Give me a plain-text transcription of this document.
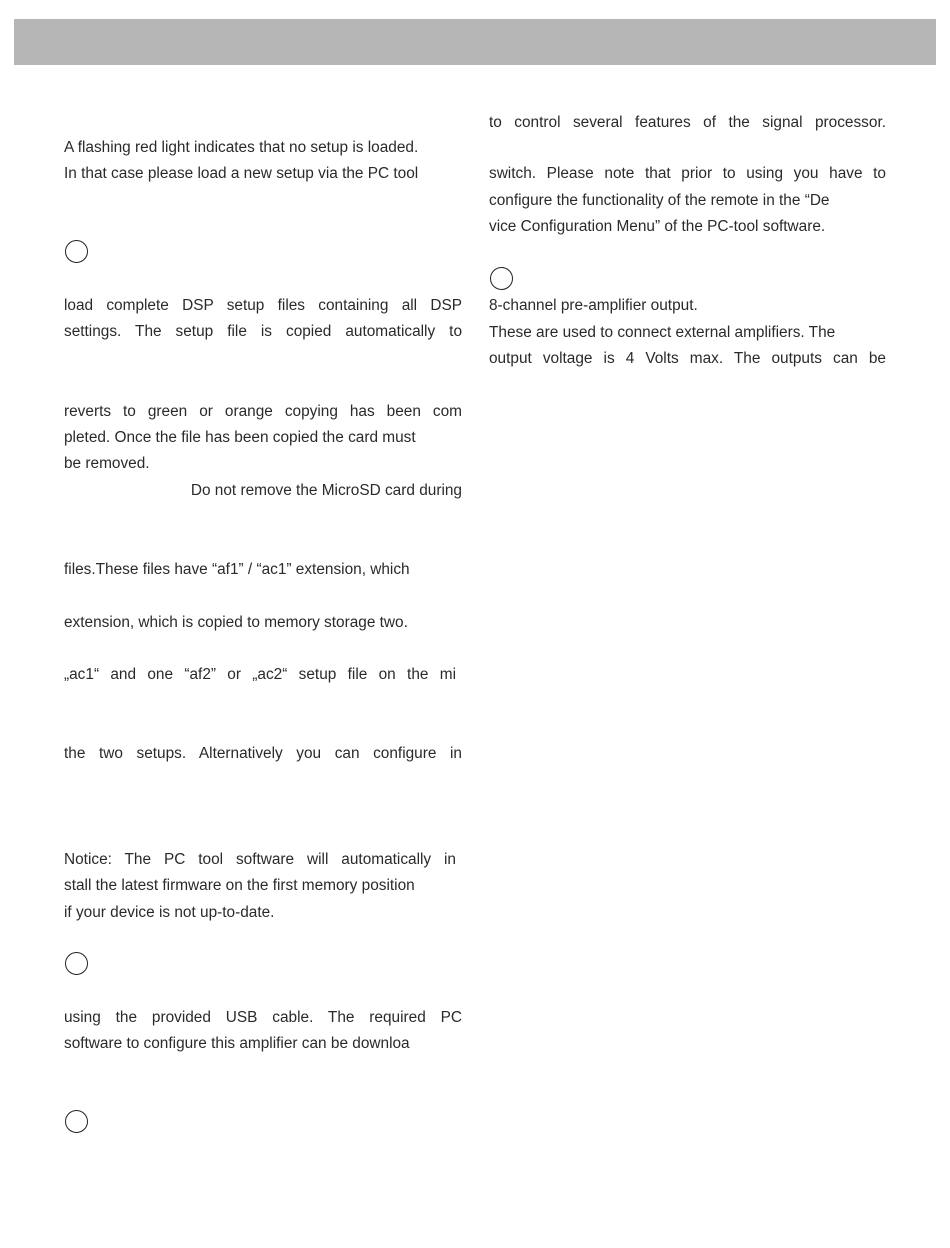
A flashing red light indicates that no setup is loaded.
In that case please load a new setup via the PC tool
load complete DSP setup files containing all DSP
settings. The setup file is copied automatically to
reverts to green or orange copying has been com
pleted. Once the file has been copied the card must
be removed.
Do not remove the MicroSD card during
files.These files have “af1” / “ac1” extension, which
extension, which is copied to memory storage two.
„ac1“ and one “af2” or „ac2“ setup file on the mi
the two setups. Alternatively you can configure in
Notice: The PC tool software will automatically in
stall the latest firmware on the first memory position
if your device is not up-to-date.
using the provided USB cable. The required PC
software to configure this amplifier can be downloa
to control several features of the signal processor.
switch. Please note that prior to using you have to
configure the functionality of the remote in the “De
vice Configuration Menu” of the PC-tool software.
8-channel pre-amplifier output.
These are used to connect external amplifiers. The
output voltage is 4 Volts max. The outputs can be
